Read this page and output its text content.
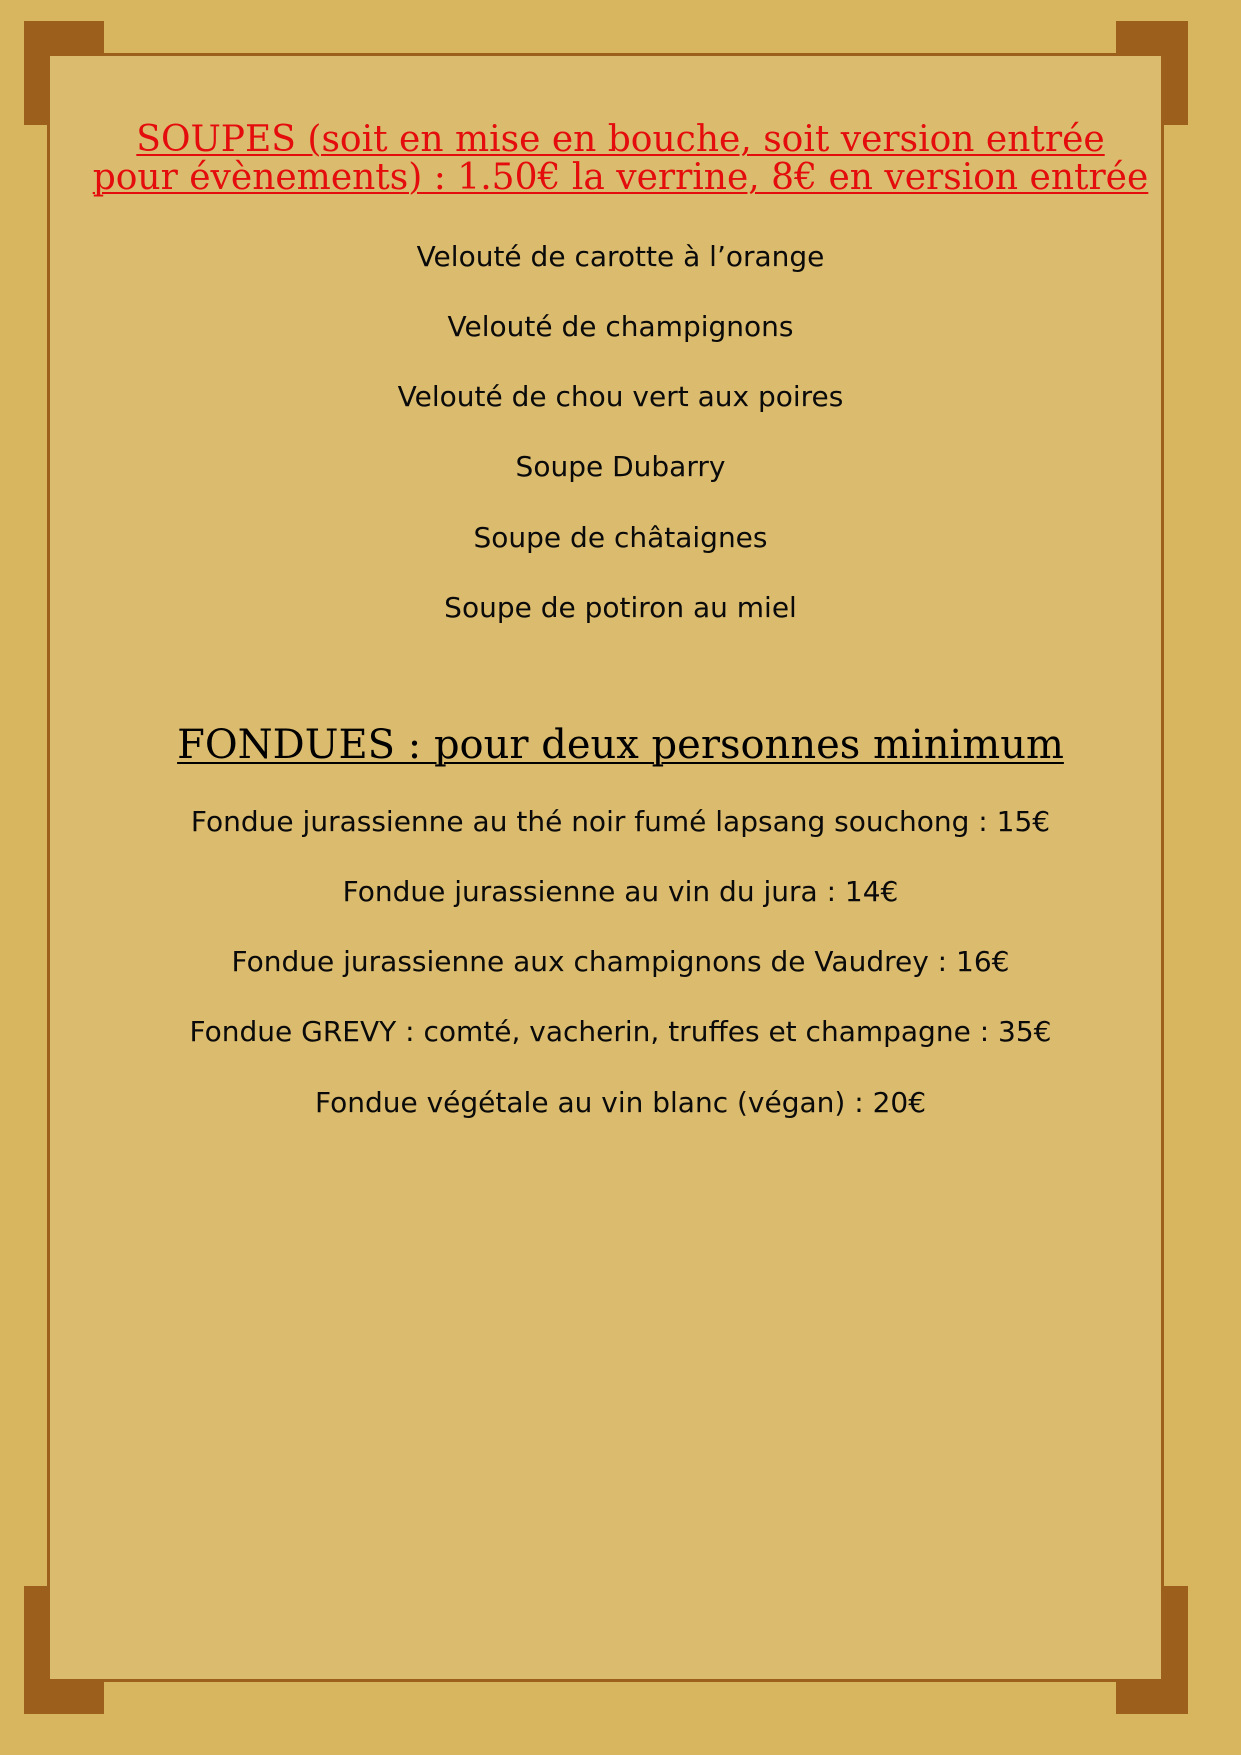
SOUPES (soit en mise en bouche, soit version entrée
pour évènements) : 1.50€ la verrine, 8€ en version entrée

Velouté de carotte à l’orange

Velouté de champignons

Velouté de chou vert aux poires

Soupe Dubarry

Soupe de châtaignes

Soupe de potiron au miel

FONDUES : pour deux personnes minimum

Fondue jurassienne au thé noir fumé lapsang souchong : 15€

Fondue jurassienne au vin du jura : 14€

Fondue jurassienne aux champignons de Vaudrey : 16€

Fondue GREVY : comté, vacherin, truffes et champagne : 35€

Fondue végétale au vin blanc (végan) : 20€
